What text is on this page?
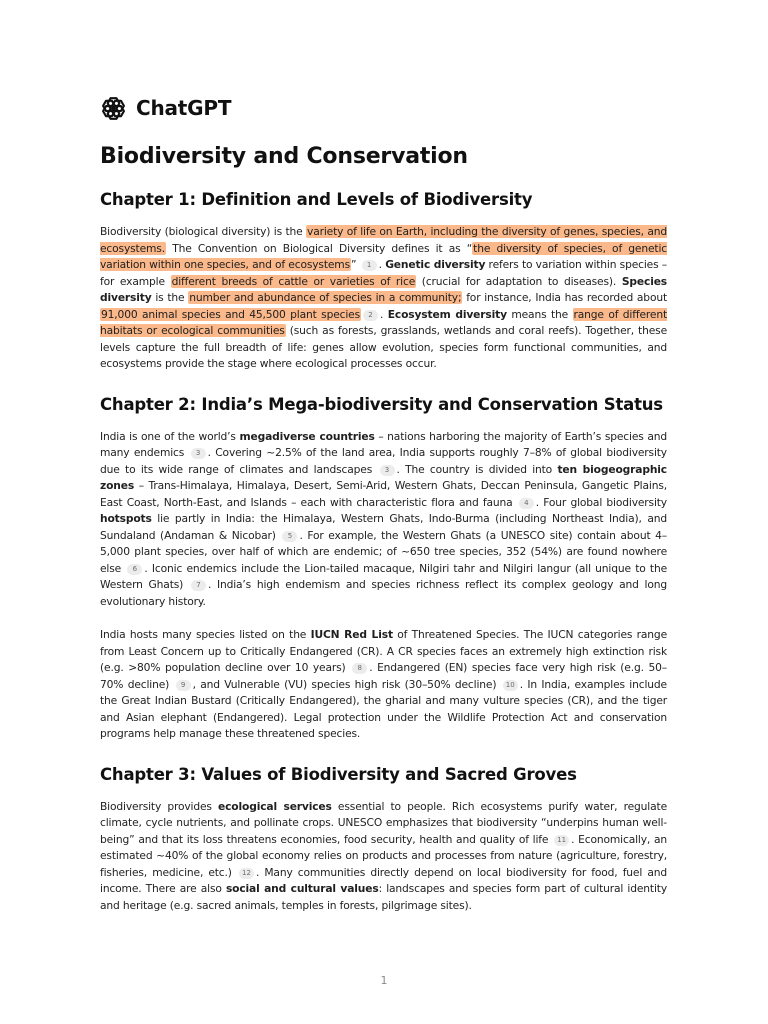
ChatGPT
Biodiversity and Conservation
Chapter 1: Definition and Levels of Biodiversity

Biodiversity (biological diversity) is the variety of life on Earth, including the diversity of genes, species, and ecosystems. The Convention on Biological Diversity defines it as “the diversity of species, of genetic variation within one species, and of ecosystems” 1 . Genetic diversity refers to variation within species – for example different breeds of cattle or varieties of rice (crucial for adaptation to diseases). Species diversity is the number and abundance of species in a community; for instance, India has recorded about 91,000 animal species and 45,500 plant species 2 . Ecosystem diversity means the range of different habitats or ecological communities (such as forests, grasslands, wetlands and coral reefs). Together, these levels capture the full breadth of life: genes allow evolution, species form functional communities, and ecosystems provide the stage where ecological processes occur.

Chapter 2: India’s Mega-biodiversity and Conservation Status

India is one of the world’s megadiverse countries – nations harboring the majority of Earth’s species and many endemics 3 . Covering ~2.5% of the land area, India supports roughly 7–8% of global biodiversity due to its wide range of climates and landscapes 3 . The country is divided into ten biogeographic zones – Trans-Himalaya, Himalaya, Desert, Semi-Arid, Western Ghats, Deccan Peninsula, Gangetic Plains, East Coast, North-East, and Islands – each with characteristic flora and fauna 4 . Four global biodiversity hotspots lie partly in India: the Himalaya, Western Ghats, Indo-Burma (including Northeast India), and Sundaland (Andaman & Nicobar) 5 . For example, the Western Ghats (a UNESCO site) contain about 4–5,000 plant species, over half of which are endemic; of ~650 tree species, 352 (54%) are found nowhere else 6 . Iconic endemics include the Lion-tailed macaque, Nilgiri tahr and Nilgiri langur (all unique to the Western Ghats) 7 . India’s high endemism and species richness reflect its complex geology and long evolutionary history.

India hosts many species listed on the IUCN Red List of Threatened Species. The IUCN categories range from Least Concern up to Critically Endangered (CR). A CR species faces an extremely high extinction risk (e.g. >80% population decline over 10 years) 8 . Endangered (EN) species face very high risk (e.g. 50–70% decline) 9 , and Vulnerable (VU) species high risk (30–50% decline) 10 . In India, examples include the Great Indian Bustard (Critically Endangered), the gharial and many vulture species (CR), and the tiger and Asian elephant (Endangered). Legal protection under the Wildlife Protection Act and conservation programs help manage these threatened species.

Chapter 3: Values of Biodiversity and Sacred Groves

Biodiversity provides ecological services essential to people. Rich ecosystems purify water, regulate climate, cycle nutrients, and pollinate crops. UNESCO emphasizes that biodiversity “underpins human well-being” and that its loss threatens economies, food security, health and quality of life 11 . Economically, an estimated ~40% of the global economy relies on products and processes from nature (agriculture, forestry, fisheries, medicine, etc.) 12 . Many communities directly depend on local biodiversity for food, fuel and income. There are also social and cultural values: landscapes and species form part of cultural identity and heritage (e.g. sacred animals, temples in forests, pilgrimage sites).

1
